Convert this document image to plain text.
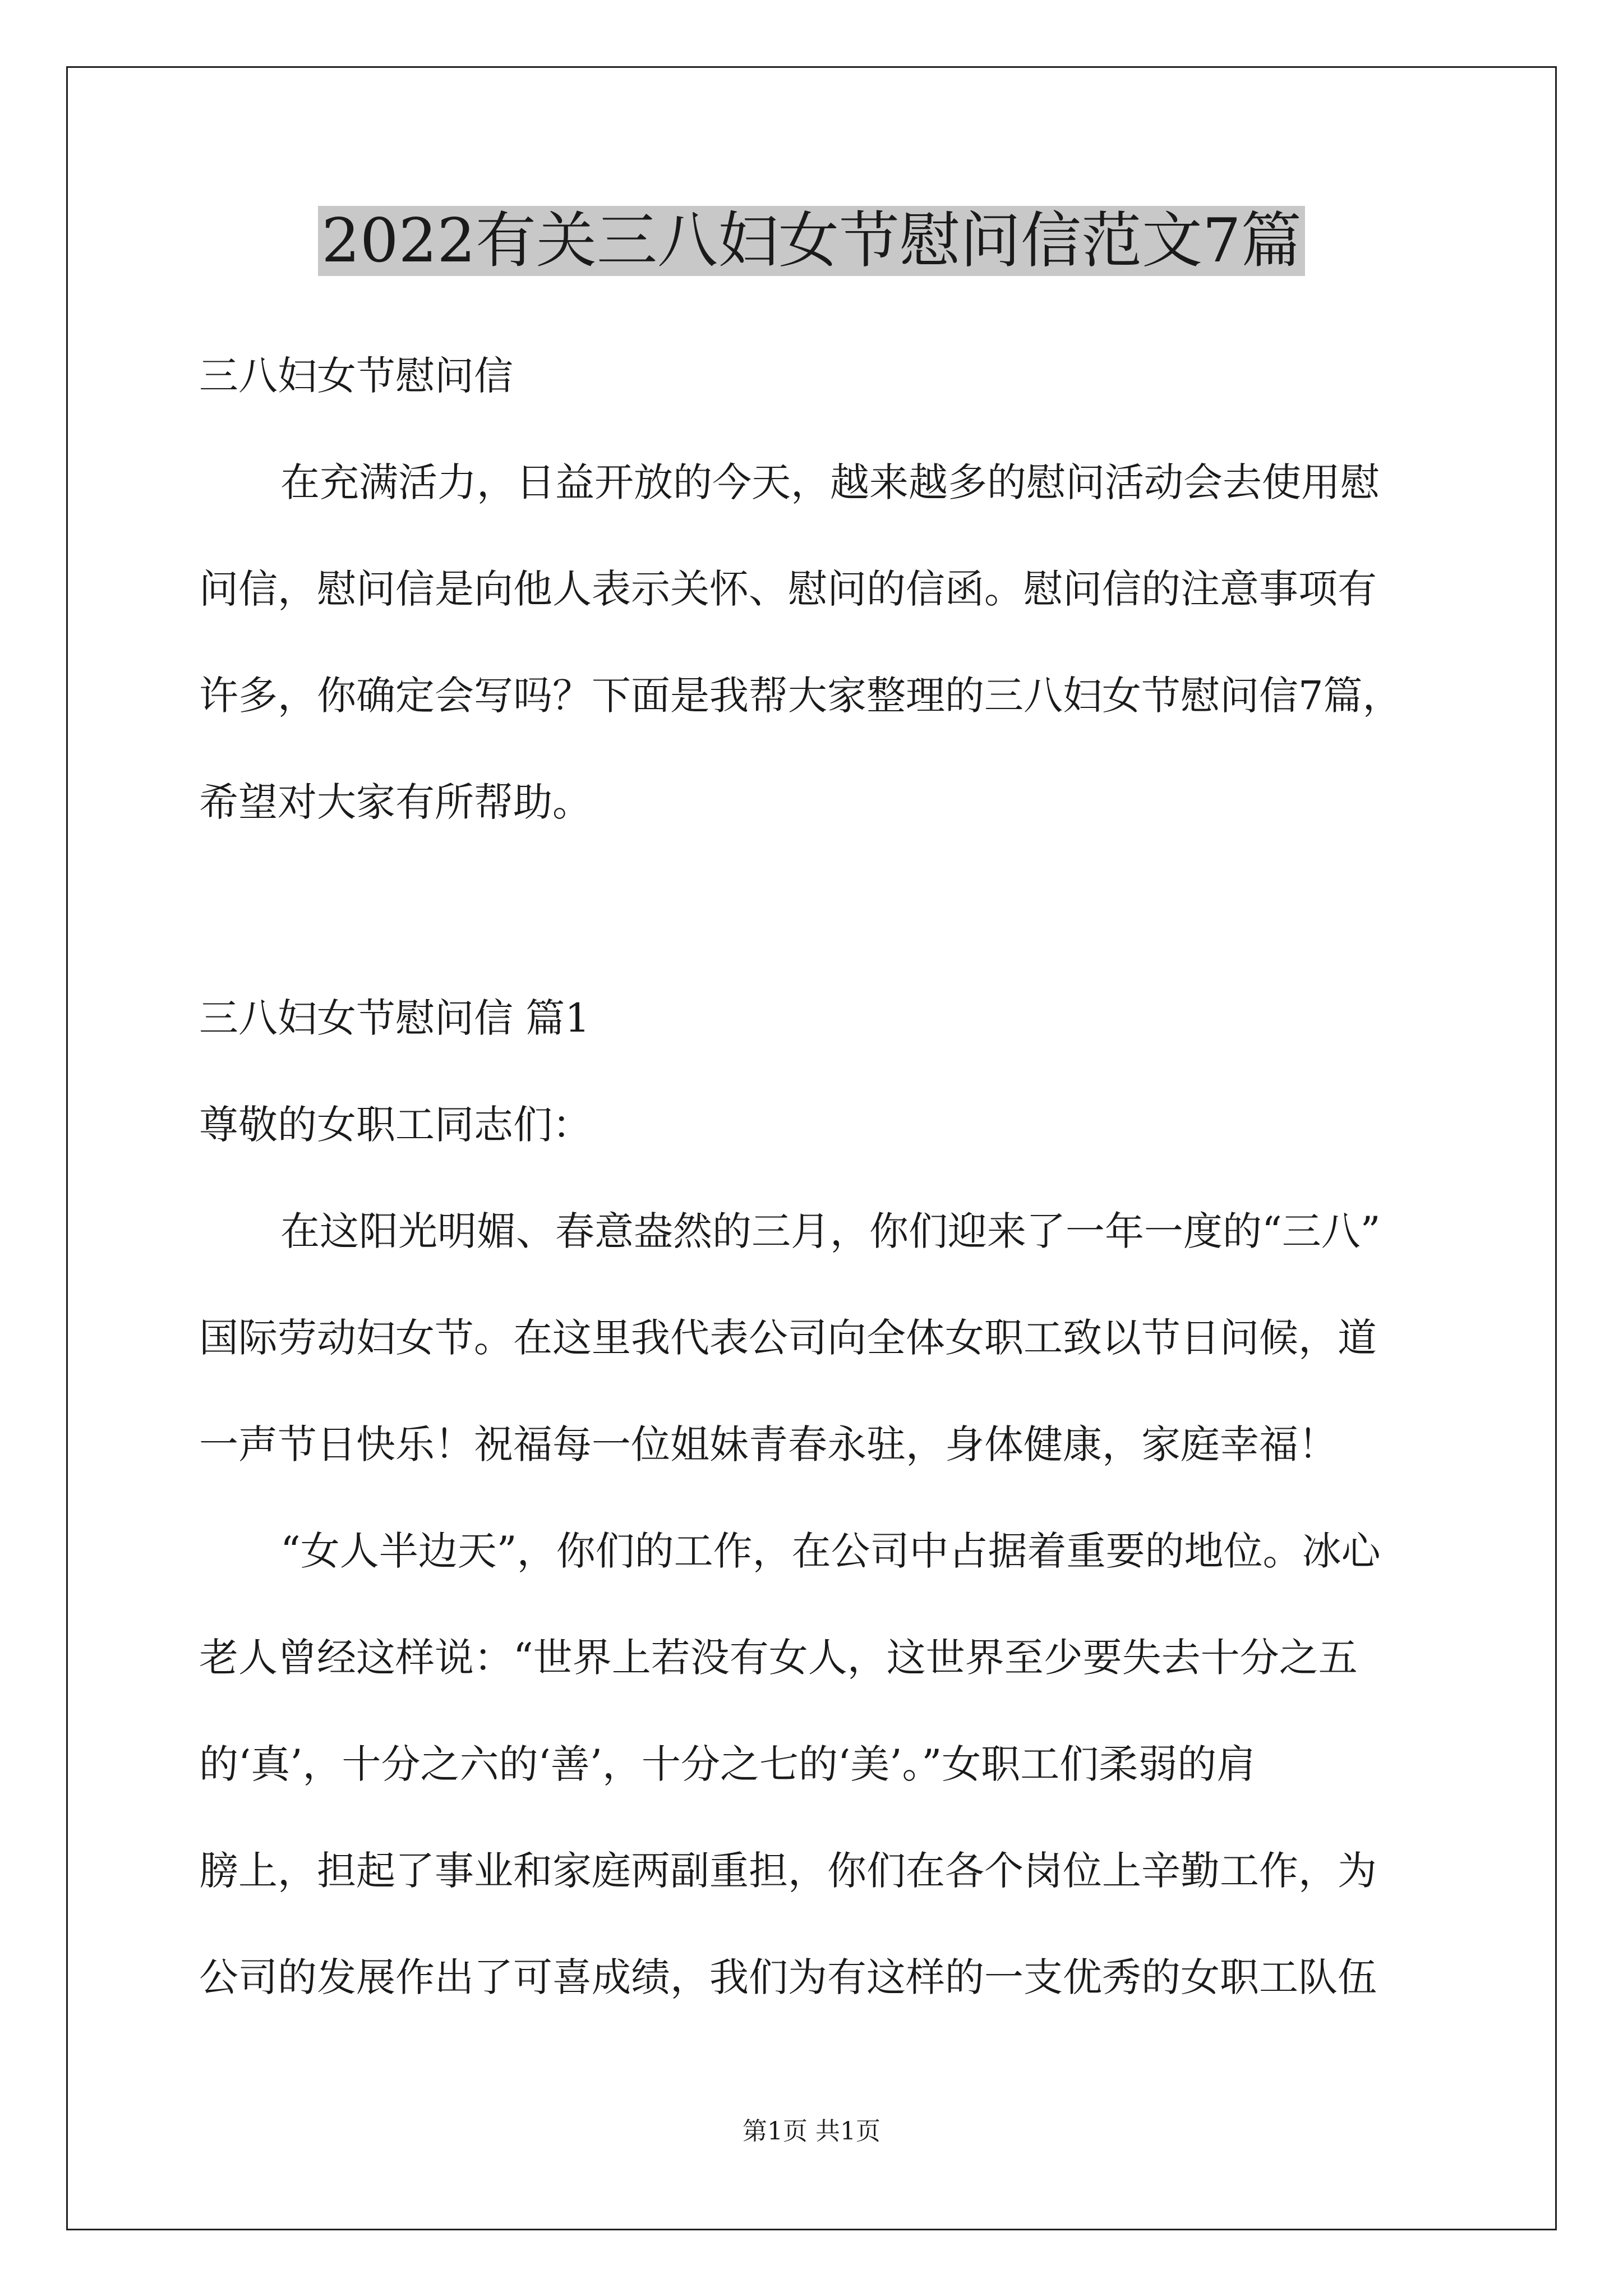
2022有关三八妇女节慰问信范文7篇
三八妇女节慰问信
在充满活力，日益开放的今天，越来越多的慰问活动会去使用慰
问信，慰问信是向他人表示关怀、慰问的信函。慰问信的注意事项有
许多，你确定会写吗？下面是我帮大家整理的三八妇女节慰问信7篇，
希望对大家有所帮助。
三八妇女节慰问信 篇1
尊敬的女职工同志们：
在这阳光明媚、春意盎然的三月，你们迎来了一年一度的“三八”
国际劳动妇女节。在这里我代表公司向全体女职工致以节日问候，道
一声节日快乐！祝福每一位姐妹青春永驻，身体健康，家庭幸福！
“女人半边天”，你们的工作，在公司中占据着重要的地位。冰心
老人曾经这样说：“世界上若没有女人，这世界至少要失去十分之五
的‘真’，十分之六的‘善’，十分之七的‘美’。”女职工们柔弱的肩
膀上，担起了事业和家庭两副重担，你们在各个岗位上辛勤工作，为
公司的发展作出了可喜成绩，我们为有这样的一支优秀的女职工队伍
第1页 共1页
